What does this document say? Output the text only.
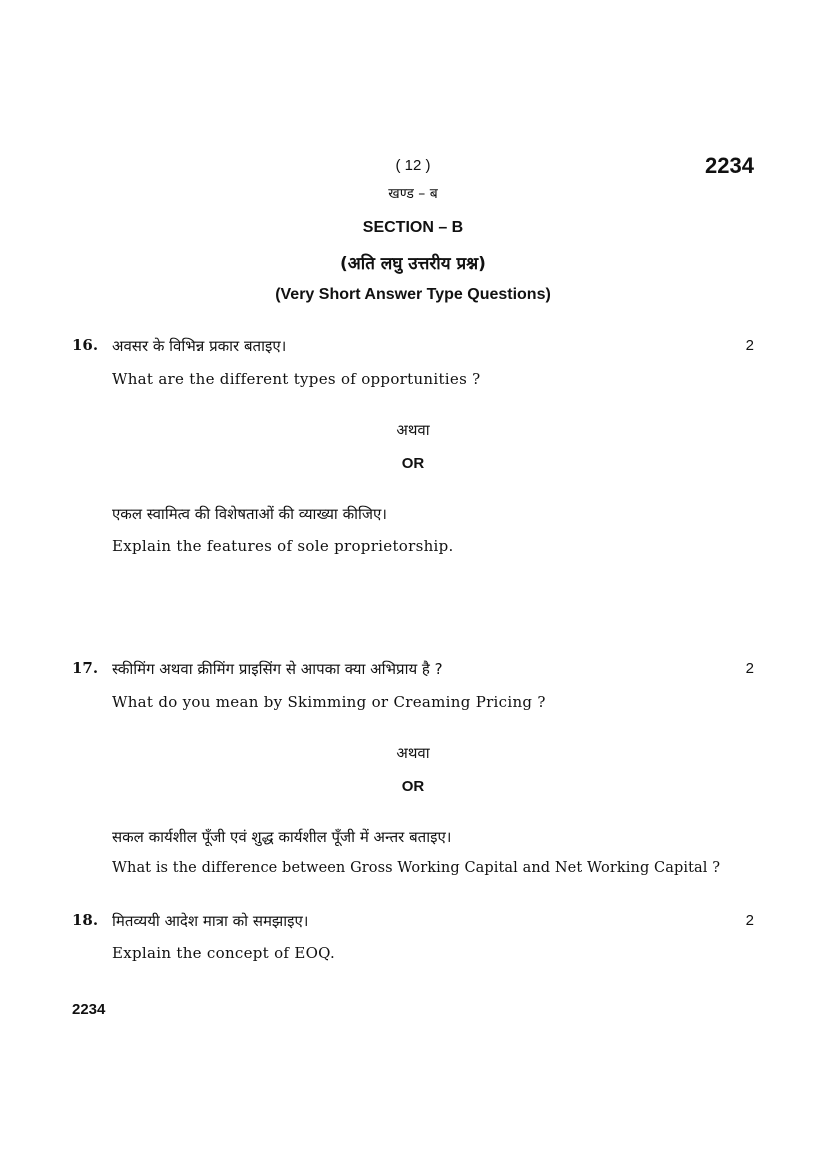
( 12 )	2234
खण्ड – ब
SECTION – B
(अति लघु उत्तरीय प्रश्न)
(Very Short Answer Type Questions)
16. अवसर के विभिन्न प्रकार बताइए।	2
What are the different types of opportunities ?
अथवा
OR
एकल स्वामित्व की विशेषताओं की व्याख्या कीजिए।
Explain the features of sole proprietorship.
17. स्कीमिंग अथवा क्रीमिंग प्राइसिंग से आपका क्या अभिप्राय है ?	2
What do you mean by Skimming or Creaming Pricing ?
अथवा
OR
सकल कार्यशील पूँजी एवं शुद्ध कार्यशील पूँजी में अन्तर बताइए।
What is the difference between Gross Working Capital and Net Working Capital ?
18. मितव्ययी आदेश मात्रा को समझाइए।	2
Explain the concept of EOQ.
2234
